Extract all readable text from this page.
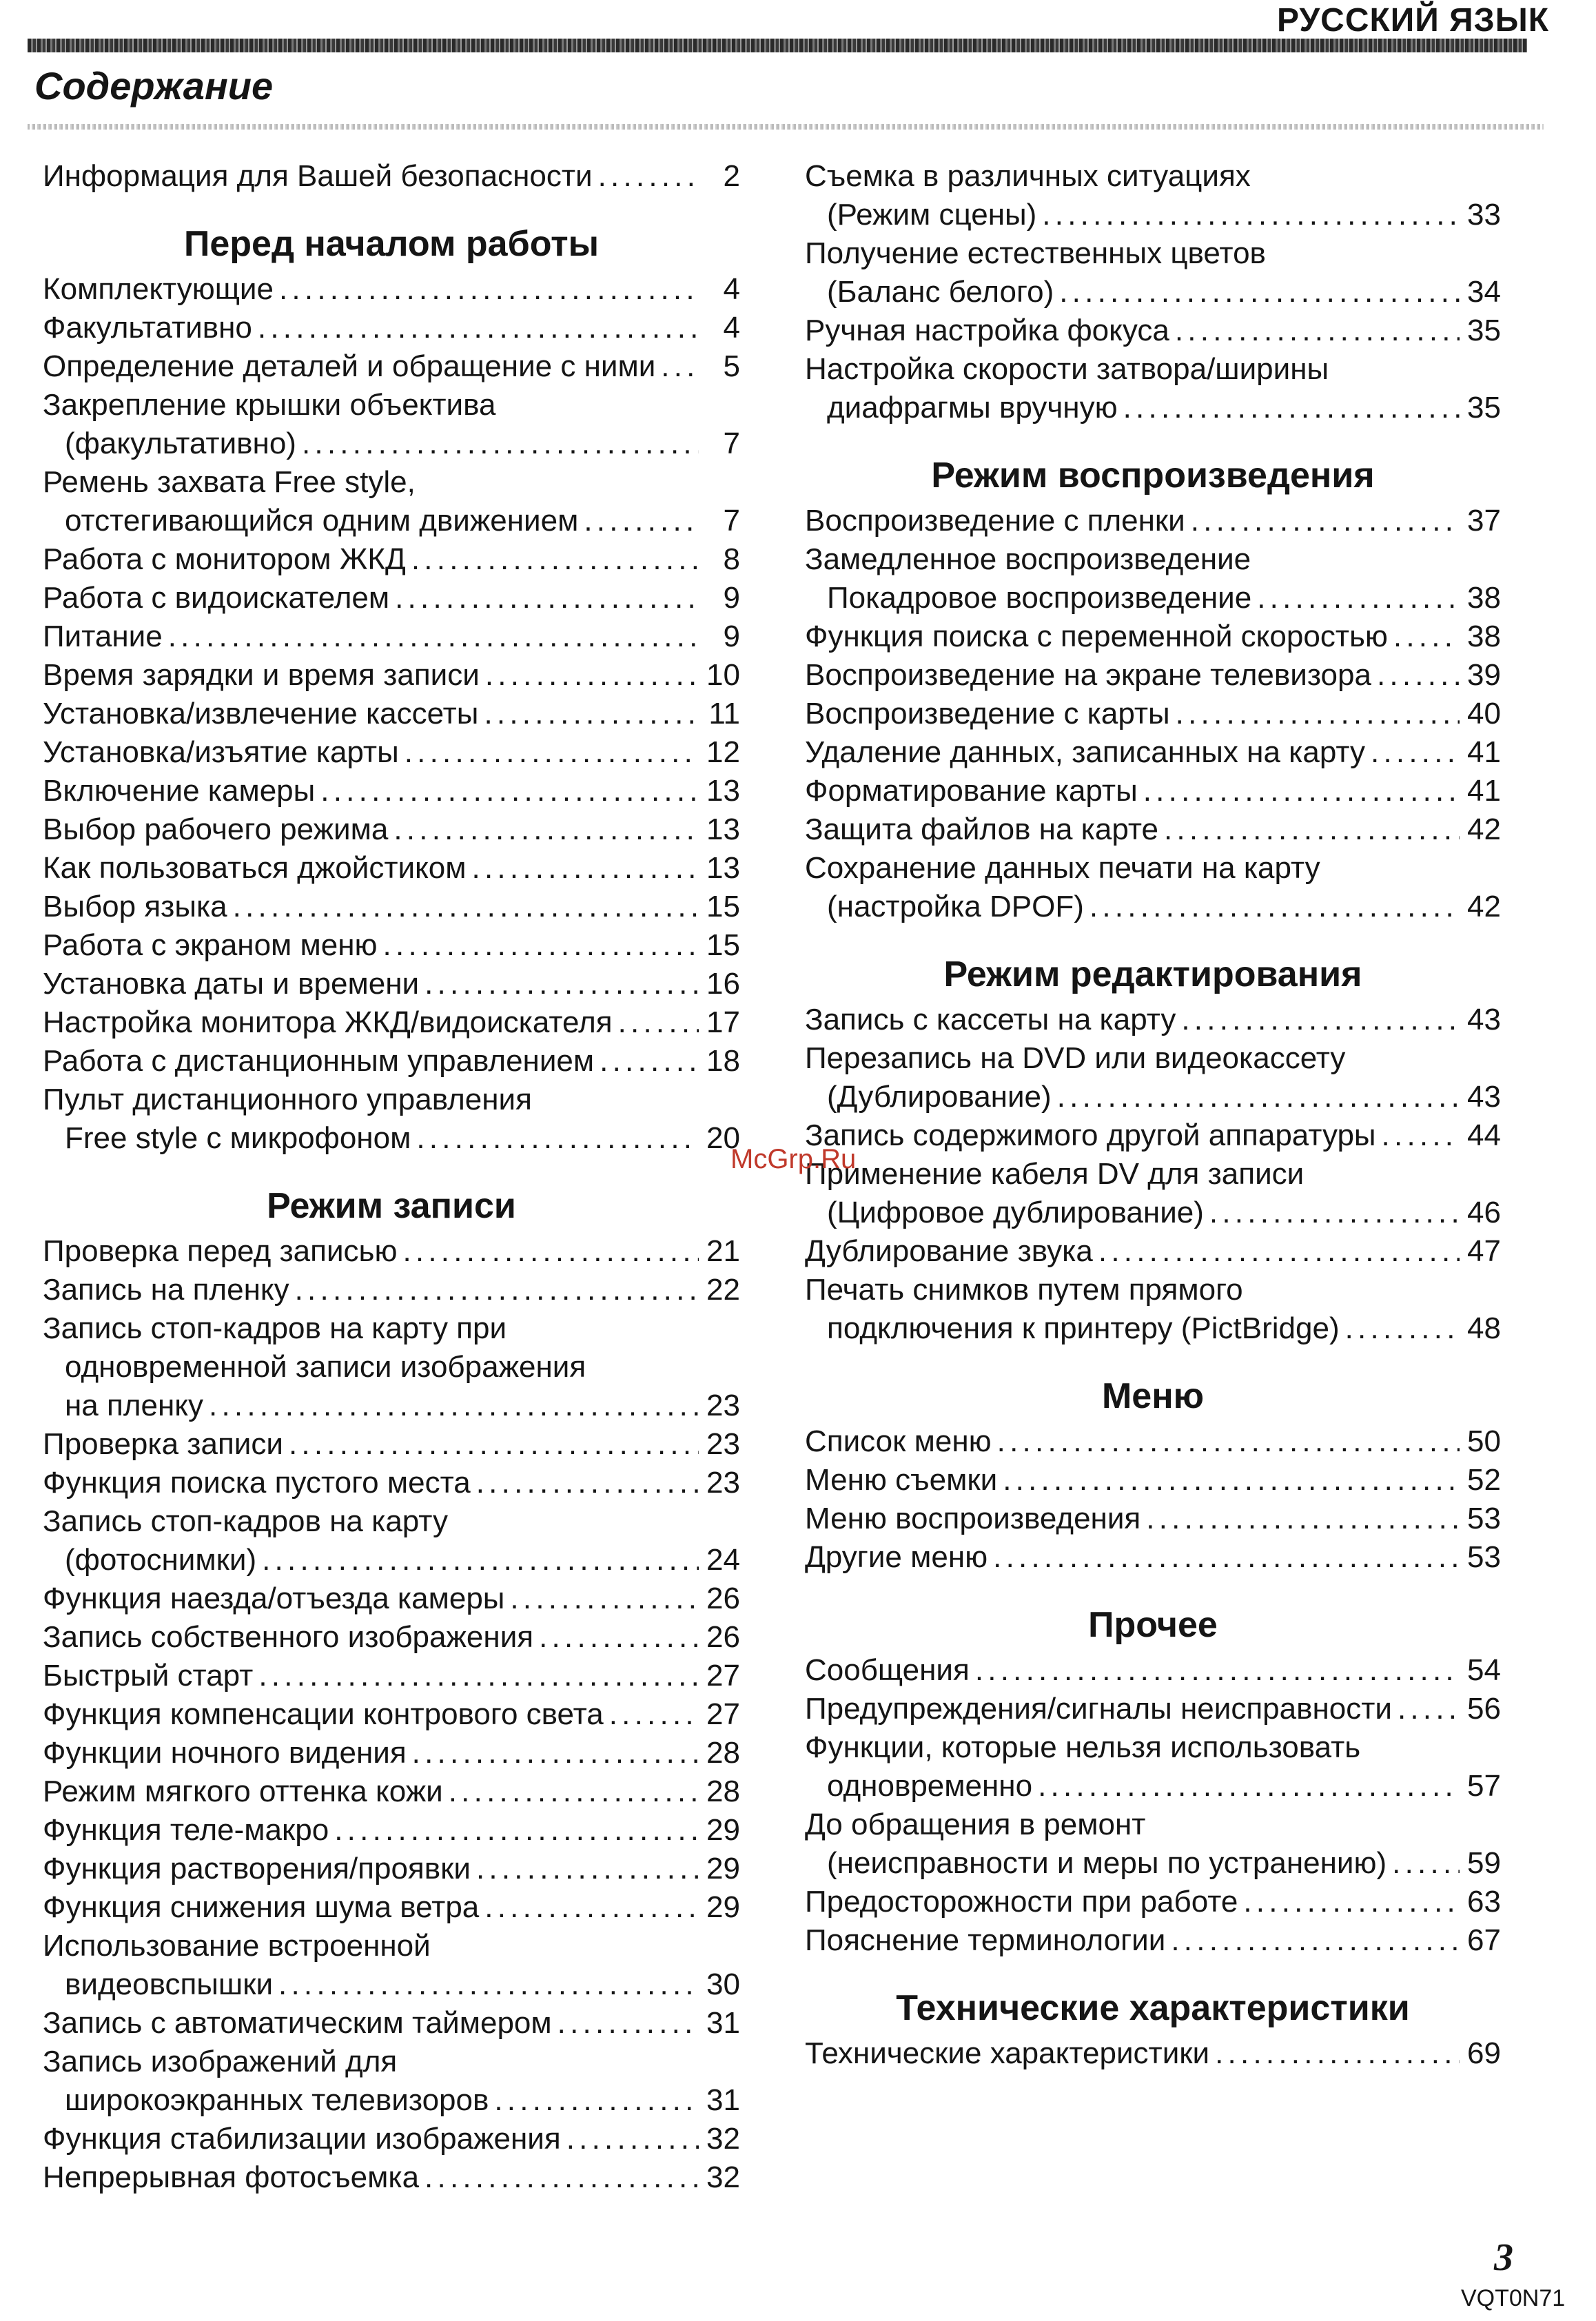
РУССКИЙ ЯЗЫК
Содержание
Информация для Вашей безопасности . . .	2
Перед началом работы
Комплектующие . . .	4
Факультативно . . .	4
Определение деталей и обращение с ними . . .	5
Закрепление крышки объектива
(факультативно) . . .	7
Ремень захвата Free style,
отстегивающийся одним движением . . .	7
Работа с монитором ЖКД . . .	8
Работа с видоискателем . . .	9
Питание . . .	9
Время зарядки и время записи . . .	10
Установка/извлечение кассеты . . .	11
Установка/изъятие карты . . .	12
Включение камеры . . .	13
Выбор рабочего режима . . .	13
Как пользоваться джойстиком . . .	13
Выбор языка . . .	15
Работа с экраном меню . . .	15
Установка даты и времени . . .	16
Настройка монитора ЖКД/видоискателя . . .	17
Работа с дистанционным управлением . . .	18
Пульт дистанционного управления
Free style с микрофоном . . .	20
Режим записи
Проверка перед записью . . .	21
Запись на пленку . . .	22
Запись стоп-кадров на карту при
одновременной записи изображения
на пленку . . .	23
Проверка записи . . .	23
Функция поиска пустого места . . .	23
Запись стоп-кадров на карту
(фотоснимки) . . .	24
Функция наезда/отъезда камеры . . .	26
Запись собственного изображения . . .	26
Быстрый старт . . .	27
Функция компенсации контрового света . . .	27
Функции ночного видения . . .	28
Режим мягкого оттенка кожи . . .	28
Функция теле-макро . . .	29
Функция растворения/проявки . . .	29
Функция снижения шума ветра . . .	29
Использование встроенной
видеовспышки . . .	30
Запись с автоматическим таймером . . .	31
Запись изображений для
широкоэкранных телевизоров . . .	31
Функция стабилизации изображения . . .	32
Непрерывная фотосъемка . . .	32
Съемка в различных ситуациях
(Режим сцены) . . .	33
Получение естественных цветов
(Баланс белого) . . .	34
Ручная настройка фокуса . . .	35
Настройка скорости затвора/ширины
диафрагмы вручную . . .	35
Режим воспроизведения
Воспроизведение с пленки . . .	37
Замедленное воспроизведение
Покадровое воспроизведение . . .	38
Функция поиска с переменной скоростью . . .	38
Воспроизведение на экране телевизора . . .	39
Воспроизведение с карты . . .	40
Удаление данных, записанных на карту . . .	41
Форматирование карты . . .	41
Защита файлов на карте . . .	42
Сохранение данных печати на карту
(настройка DPOF) . . .	42
Режим редактирования
Запись с кассеты на карту . . .	43
Перезапись на DVD или видеокассету
(Дублирование) . . .	43
Запись содержимого другой аппаратуры . . .	44
Применение кабеля DV для записи
(Цифровое дублирование) . . .	46
Дублирование звука . . .	47
Печать снимков путем прямого
подключения к принтеру (PictBridge) . . .	48
Меню
Список меню . . .	50
Меню съемки . . .	52
Меню воспроизведения . . .	53
Другие меню . . .	53
Прочее
Сообщения . . .	54
Предупреждения/сигналы неисправности . . . 56
Функции, которые нельзя использовать
одновременно . . .	57
До обращения в ремонт
(неисправности и меры по устранению) . . .	59
Предосторожности при работе . . .	63
Пояснение терминологии . . .	67
Технические характеристики
Технические характеристики . . .	69
McGrp.Ru
3
VQT0N71
